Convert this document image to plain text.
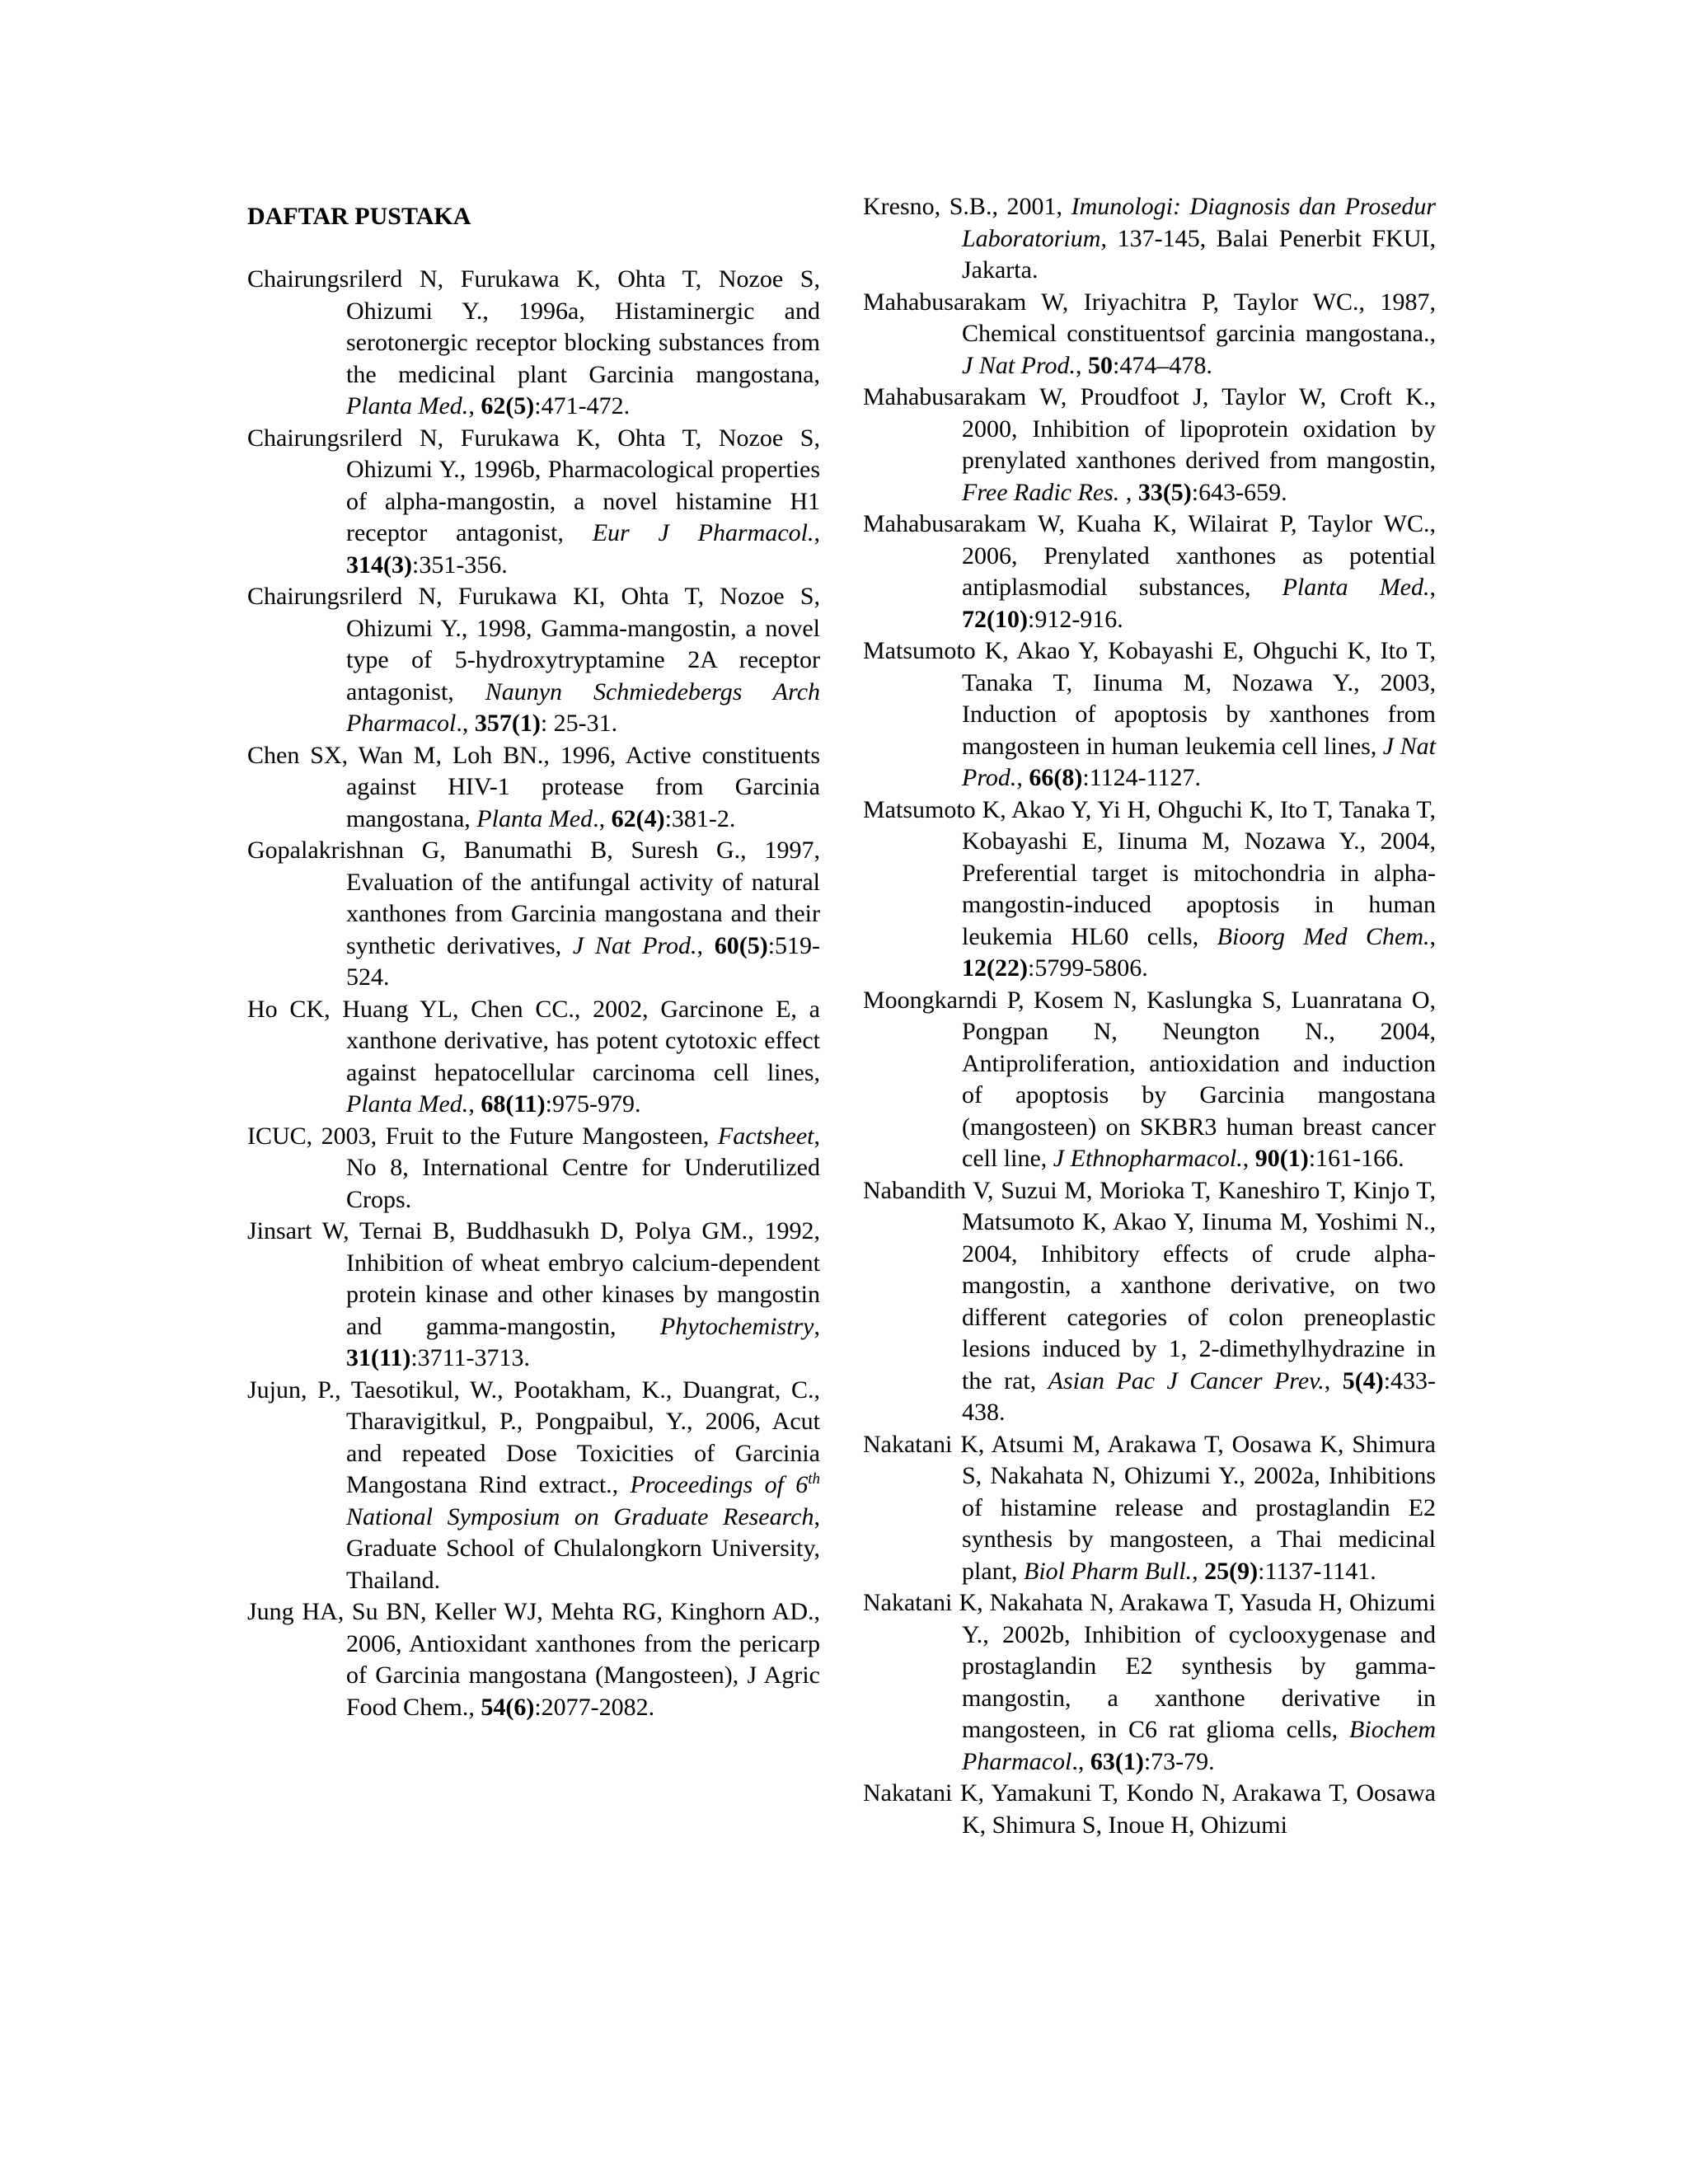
DAFTAR PUSTAKA

Chairungsrilerd N, Furukawa K, Ohta T, Nozoe S, Ohizumi Y., 1996a, Histaminergic and serotonergic receptor blocking substances from the medicinal plant Garcinia mangostana, Planta Med., 62(5):471-472.

Chairungsrilerd N, Furukawa K, Ohta T, Nozoe S, Ohizumi Y., 1996b, Pharmacological properties of alpha-mangostin, a novel histamine H1 receptor antagonist, Eur J Pharmacol., 314(3):351-356.

Chairungsrilerd N, Furukawa KI, Ohta T, Nozoe S, Ohizumi Y., 1998, Gamma-mangostin, a novel type of 5-hydroxytryptamine 2A receptor antagonist, Naunyn Schmiedebergs Arch Pharmacol., 357(1): 25-31.

Chen SX, Wan M, Loh BN., 1996, Active constituents against HIV-1 protease from Garcinia mangostana, Planta Med., 62(4):381-2.

Gopalakrishnan G, Banumathi B, Suresh G., 1997, Evaluation of the antifungal activity of natural xanthones from Garcinia mangostana and their synthetic derivatives, J Nat Prod., 60(5):519-524.

Ho CK, Huang YL, Chen CC., 2002, Garcinone E, a xanthone derivative, has potent cytotoxic effect against hepatocellular carcinoma cell lines, Planta Med., 68(11):975-979.

ICUC, 2003, Fruit to the Future Mangosteen, Factsheet, No 8, International Centre for Underutilized Crops.

Jinsart W, Ternai B, Buddhasukh D, Polya GM., 1992, Inhibition of wheat embryo calcium-dependent protein kinase and other kinases by mangostin and gamma-mangostin, Phytochemistry, 31(11):3711-3713.

Jujun, P., Taesotikul, W., Pootakham, K., Duangrat, C., Tharavigitkul, P., Pongpaibul, Y., 2006, Acut and repeated Dose Toxicities of Garcinia Mangostana Rind extract., Proceedings of 6th National Symposium on Graduate Research, Graduate School of Chulalongkorn University, Thailand.

Jung HA, Su BN, Keller WJ, Mehta RG, Kinghorn AD., 2006, Antioxidant xanthones from the pericarp of Garcinia mangostana (Mangosteen), J Agric Food Chem., 54(6):2077-2082.

Kresno, S.B., 2001, Imunologi: Diagnosis dan Prosedur Laboratorium, 137-145, Balai Penerbit FKUI, Jakarta.

Mahabusarakam W, Iriyachitra P, Taylor WC., 1987, Chemical constituentsof garcinia mangostana., J Nat Prod., 50:474–478.

Mahabusarakam W, Proudfoot J, Taylor W, Croft K., 2000, Inhibition of lipoprotein oxidation by prenylated xanthones derived from mangostin, Free Radic Res. , 33(5):643-659.

Mahabusarakam W, Kuaha K, Wilairat P, Taylor WC., 2006, Prenylated xanthones as potential antiplasmodial substances, Planta Med., 72(10):912-916.

Matsumoto K, Akao Y, Kobayashi E, Ohguchi K, Ito T, Tanaka T, Iinuma M, Nozawa Y., 2003, Induction of apoptosis by xanthones from mangosteen in human leukemia cell lines, J Nat Prod., 66(8):1124-1127.

Matsumoto K, Akao Y, Yi H, Ohguchi K, Ito T, Tanaka T, Kobayashi E, Iinuma M, Nozawa Y., 2004, Preferential target is mitochondria in alpha-mangostin-induced apoptosis in human leukemia HL60 cells, Bioorg Med Chem., 12(22):5799-5806.

Moongkarndi P, Kosem N, Kaslungka S, Luanratana O, Pongpan N, Neungton N., 2004, Antiproliferation, antioxidation and induction of apoptosis by Garcinia mangostana (mangosteen) on SKBR3 human breast cancer cell line, J Ethnopharmacol., 90(1):161-166.

Nabandith V, Suzui M, Morioka T, Kaneshiro T, Kinjo T, Matsumoto K, Akao Y, Iinuma M, Yoshimi N., 2004, Inhibitory effects of crude alpha-mangostin, a xanthone derivative, on two different categories of colon preneoplastic lesions induced by 1, 2-dimethylhydrazine in the rat, Asian Pac J Cancer Prev., 5(4):433-438.

Nakatani K, Atsumi M, Arakawa T, Oosawa K, Shimura S, Nakahata N, Ohizumi Y., 2002a, Inhibitions of histamine release and prostaglandin E2 synthesis by mangosteen, a Thai medicinal plant, Biol Pharm Bull., 25(9):1137-1141.

Nakatani K, Nakahata N, Arakawa T, Yasuda H, Ohizumi Y., 2002b, Inhibition of cyclooxygenase and prostaglandin E2 synthesis by gamma-mangostin, a xanthone derivative in mangosteen, in C6 rat glioma cells, Biochem Pharmacol., 63(1):73-79.

Nakatani K, Yamakuni T, Kondo N, Arakawa T, Oosawa K, Shimura S, Inoue H, Ohizumi
